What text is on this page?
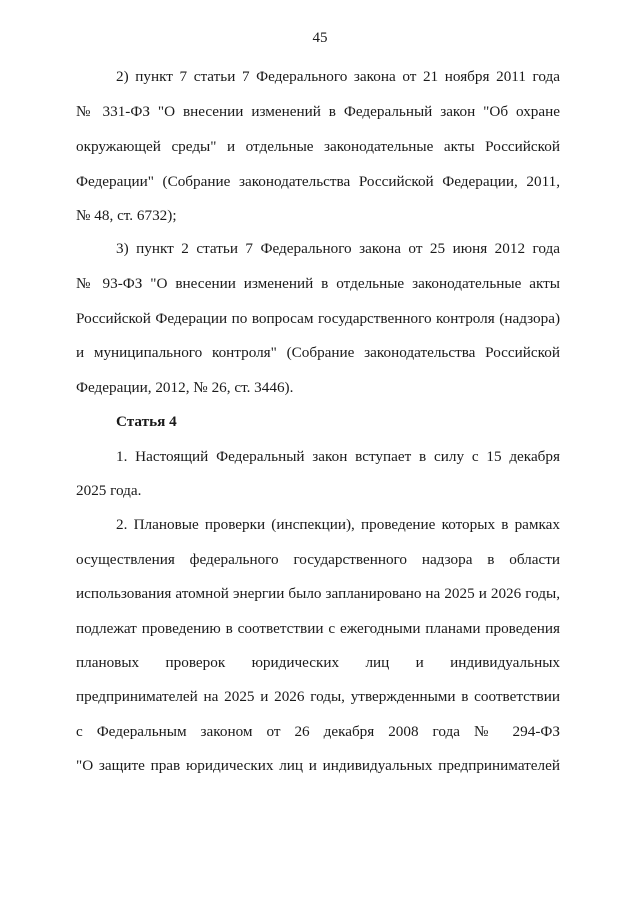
45
2) пункт 7 статьи 7 Федерального закона от 21 ноября 2011 года
№ 331-ФЗ "О внесении изменений в Федеральный закон "Об охране
окружающей среды" и отдельные законодательные акты Российской
Федерации" (Собрание законодательства Российской Федерации, 2011,
№ 48, ст. 6732);
3) пункт 2 статьи 7 Федерального закона от 25 июня 2012 года
№ 93-ФЗ "О внесении изменений в отдельные законодательные акты
Российской Федерации по вопросам государственного контроля (надзора)
и муниципального контроля" (Собрание законодательства Российской
Федерации, 2012, № 26, ст. 3446).
Статья 4
1. Настоящий Федеральный закон вступает в силу с 15 декабря
2025 года.
2. Плановые проверки (инспекции), проведение которых в рамках
осуществления федерального государственного надзора в области
использования атомной энергии было запланировано на 2025 и 2026 годы,
подлежат проведению в соответствии с ежегодными планами проведения
плановых проверок юридических лиц и индивидуальных
предпринимателей на 2025 и 2026 годы, утвержденными в соответствии
с Федеральным законом от 26 декабря 2008 года № 294-ФЗ
"О защите прав юридических лиц и индивидуальных предпринимателей
